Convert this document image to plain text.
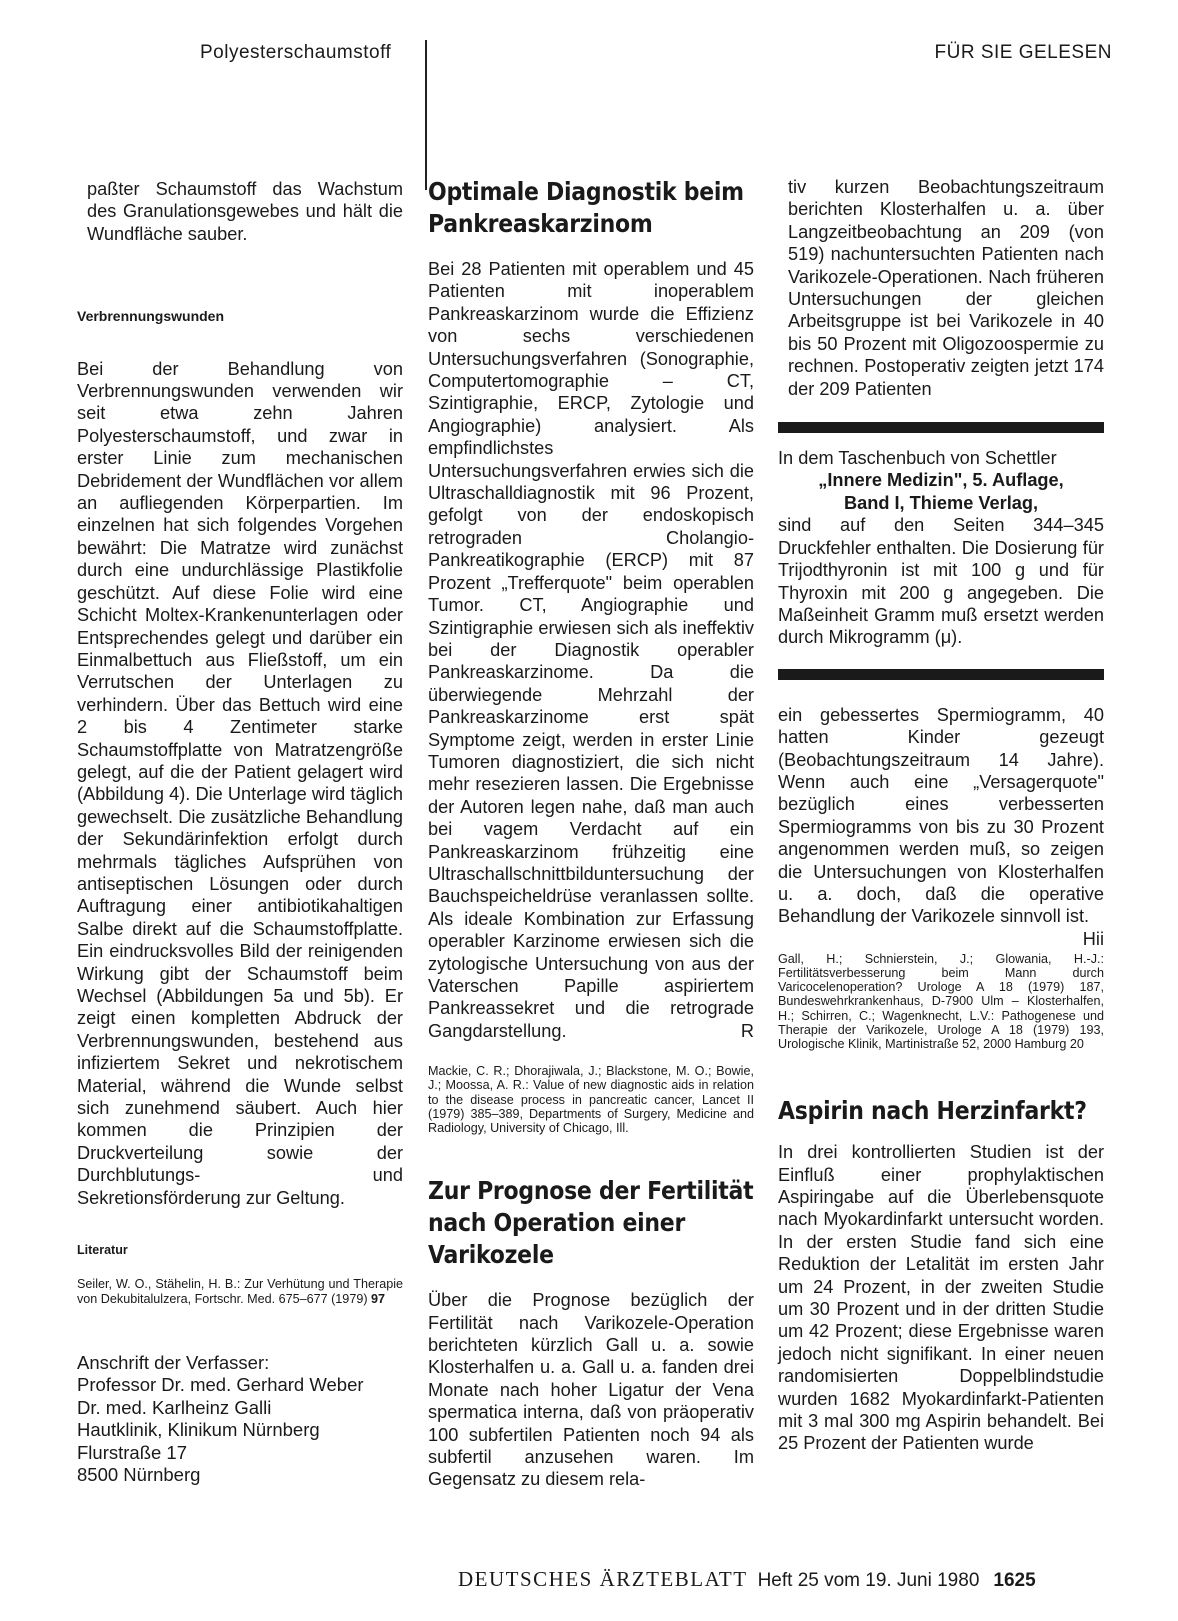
Polyesterschaumstoff	FÜR SIE GELESEN

paßter Schaumstoff das Wachstum des Granulationsgewebes und hält die Wundfläche sauber.

Verbrennungswunden

Bei der Behandlung von Verbrennungswunden verwenden wir seit etwa zehn Jahren Polyesterschaumstoff, und zwar in erster Linie zum mechanischen Debridement der Wundflächen vor allem an aufliegenden Körperpartien. Im einzelnen hat sich folgendes Vorgehen bewährt: Die Matratze wird zunächst durch eine undurchlässige Plastikfolie geschützt. Auf diese Folie wird eine Schicht Moltex-Krankenunterlagen oder Entsprechendes gelegt und darüber ein Einmalbettuch aus Fließstoff, um ein Verrutschen der Unterlagen zu verhindern. Über das Bettuch wird eine 2 bis 4 Zentimeter starke Schaumstoffplatte von Matratzengröße gelegt, auf die der Patient gelagert wird (Abbildung 4). Die Unterlage wird täglich gewechselt. Die zusätzliche Behandlung der Sekundärinfektion erfolgt durch mehrmals tägliches Aufsprühen von antiseptischen Lösungen oder durch Auftragung einer antibiotikahaltigen Salbe direkt auf die Schaumstoffplatte. Ein eindrucksvolles Bild der reinigenden Wirkung gibt der Schaumstoff beim Wechsel (Abbildungen 5a und 5b). Er zeigt einen kompletten Abdruck der Verbrennungswunden, bestehend aus infiziertem Sekret und nekrotischem Material, während die Wunde selbst sich zunehmend säubert. Auch hier kommen die Prinzipien der Druckverteilung sowie der Durchblutungs- und Sekretionsförderung zur Geltung.

Literatur

Seiler, W. O., Stähelin, H. B.: Zur Verhütung und Therapie von Dekubitalulzera, Fortschr. Med. 675–677 (1979) 97

Anschrift der Verfasser:

Professor Dr. med. Gerhard Weber

Dr. med. Karlheinz Galli

Hautklinik, Klinikum Nürnberg

Flurstraße 17

8500 Nürnberg

Optimale Diagnostik beim Pankreaskarzinom

Bei 28 Patienten mit operablem und 45 Patienten mit inoperablem Pankreaskarzinom wurde die Effizienz von sechs verschiedenen Untersuchungsverfahren (Sonographie, Computertomographie – CT, Szintigraphie, ERCP, Zytologie und Angiographie) analysiert. Als empfindlichstes Untersuchungsverfahren erwies sich die Ultraschalldiagnostik mit 96 Prozent, gefolgt von der endoskopisch retrograden Cholangio-Pankreatikographie (ERCP) mit 87 Prozent „Trefferquote" beim operablen Tumor. CT, Angiographie und Szintigraphie erwiesen sich als ineffektiv bei der Diagnostik operabler Pankreaskarzinome. Da die überwiegende Mehrzahl der Pankreaskarzinome erst spät Symptome zeigt, werden in erster Linie Tumoren diagnostiziert, die sich nicht mehr resezieren lassen. Die Ergebnisse der Autoren legen nahe, daß man auch bei vagem Verdacht auf ein Pankreaskarzinom frühzeitig eine Ultraschallschnittbilduntersuchung der Bauchspeicheldrüse veranlassen sollte. Als ideale Kombination zur Erfassung operabler Karzinome erwiesen sich die zytologische Untersuchung von aus der Vaterschen Papille aspiriertem Pankreassekret und die retrograde Gangdarstellung.	R

Mackie, C. R.; Dhorajiwala, J.; Blackstone, M. O.; Bowie, J.; Moossa, A. R.: Value of new diagnostic aids in relation to the disease process in pancreatic cancer, Lancet II (1979) 385–389, Departments of Surgery, Medicine and Radiology, University of Chicago, Ill.

Zur Prognose der Fertilität nach Operation einer Varikozele

Über die Prognose bezüglich der Fertilität nach Varikozele-Operation berichteten kürzlich Gall u. a. sowie Klosterhalfen u. a. Gall u. a. fanden drei Monate nach hoher Ligatur der Vena spermatica interna, daß von präoperativ 100 subfertilen Patienten noch 94 als subfertil anzusehen waren. Im Gegensatz zu diesem rela-

tiv kurzen Beobachtungszeitraum berichten Klosterhalfen u. a. über Langzeitbeobachtung an 209 (von 519) nachuntersuchten Patienten nach Varikozele-Operationen. Nach früheren Untersuchungen der gleichen Arbeitsgruppe ist bei Varikozele in 40 bis 50 Prozent mit Oligozoospermie zu rechnen. Postoperativ zeigten jetzt 174 der 209 Patienten

In dem Taschenbuch von Schettler

„Innere Medizin", 5. Auflage,

Band I, Thieme Verlag,

sind auf den Seiten 344–345 Druckfehler enthalten. Die Dosierung für Trijodthyronin ist mit 100 g und für Thyroxin mit 200 g angegeben. Die Maßeinheit Gramm muß ersetzt werden durch Mikrogramm (μ).

ein gebessertes Spermiogramm, 40 hatten Kinder gezeugt (Beobachtungszeitraum 14 Jahre). Wenn auch eine „Versagerquote" bezüglich eines verbesserten Spermiogramms von bis zu 30 Prozent angenommen werden muß, so zeigen die Untersuchungen von Klosterhalfen u. a. doch, daß die operative Behandlung der Varikozele sinnvoll ist.
Hii

Gall, H.; Schnierstein, J.; Glowania, H.-J.: Fertilitätsverbesserung beim Mann durch Varicocelenoperation? Urologe A 18 (1979) 187, Bundeswehrkrankenhaus, D-7900 Ulm – Klosterhalfen, H.; Schirren, C.; Wagenknecht, L.V.: Pathogenese und Therapie der Varikozele, Urologe A 18 (1979) 193, Urologische Klinik, Martinistraße 52, 2000 Hamburg 20

Aspirin nach Herzinfarkt?

In drei kontrollierten Studien ist der Einfluß einer prophylaktischen Aspiringabe auf die Überlebensquote nach Myokardinfarkt untersucht worden. In der ersten Studie fand sich eine Reduktion der Letalität im ersten Jahr um 24 Prozent, in der zweiten Studie um 30 Prozent und in der dritten Studie um 42 Prozent; diese Ergebnisse waren jedoch nicht signifikant. In einer neuen randomisierten Doppelblindstudie wurden 1682 Myokardinfarkt-Patienten mit 3 mal 300 mg Aspirin behandelt. Bei 25 Prozent der Patienten wurde

DEUTSCHES ÄRZTEBLATT Heft 25 vom 19. Juni 1980 1625
